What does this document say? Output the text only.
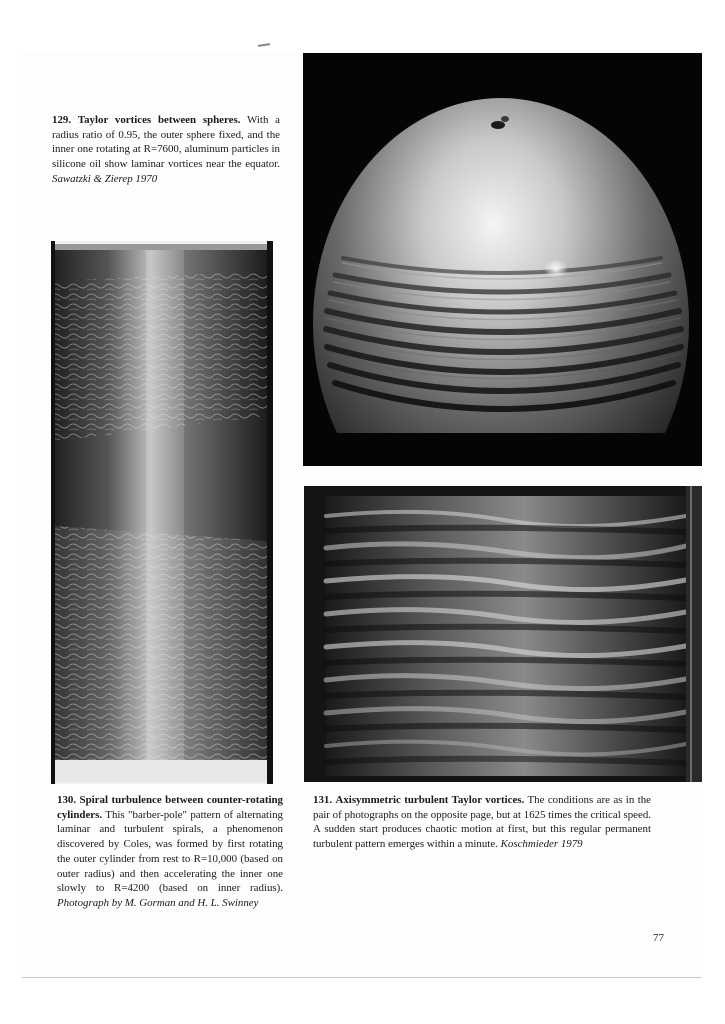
129. Taylor vortices between spheres. With a radius ratio of 0.95, the outer sphere fixed, and the inner one rotating at R=7600, aluminum particles in silicone oil show laminar vortices near the equator. Sawatzki & Zierep 1970
130. Spiral turbulence between counter-rotating cylinders. This "barber-pole" pattern of alternating laminar and turbulent spirals, a phenomenon discovered by Coles, was formed by first rotating the outer cylinder from rest to R=10,000 (based on outer radius) and then accelerating the inner one slowly to R=4200 (based on inner radius). Photograph by M. Gorman and H. L. Swinney
131. Axisymmetric turbulent Taylor vortices. The conditions are as in the pair of photographs on the opposite page, but at 1625 times the critical speed. A sudden start produces chaotic motion at first, but this regular permanent turbulent pattern emerges within a minute. Koschmieder 1979
77
